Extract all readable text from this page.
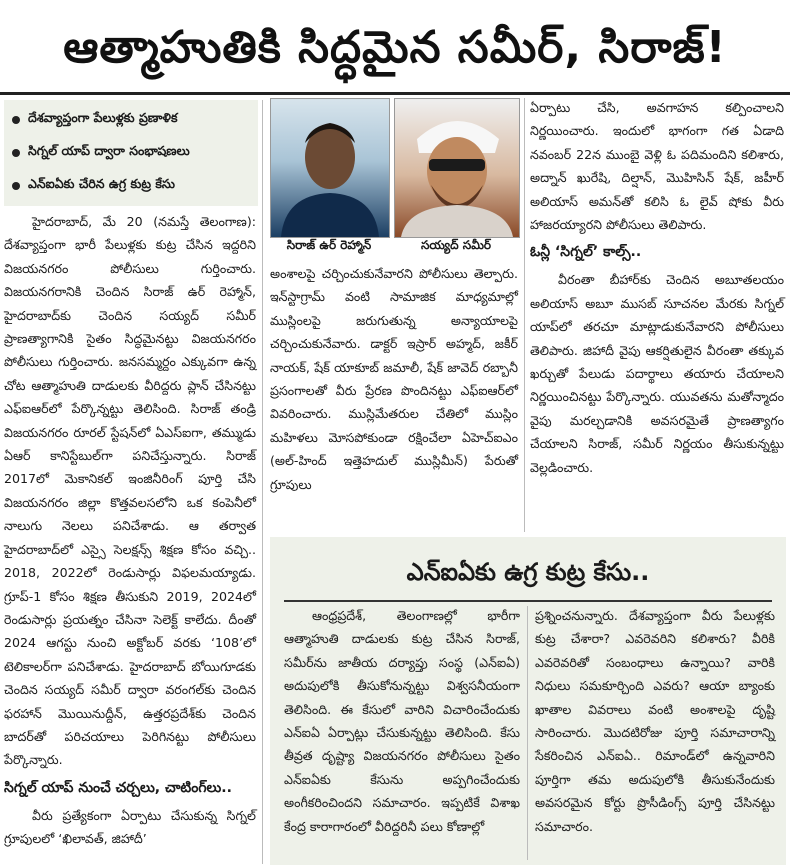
ఆత్మాహుతికి సిద్ధమైన సమీర్, సిరాజ్!
దేశవ్యాప్తంగా పేలుళ్లకు ప్రణాళిక
సిగ్నల్ యాప్ ద్వారా సంభాషణలు
ఎన్ఐఏకు చేరిన ఉగ్ర కుట్ర కేసు
సిరాజ్ ఉర్ రెహ్మాన్	సయ్యద్ సమీర్

హైదరాబాద్, మే 20 (నమస్తే తెలంగాణ): దేశవ్యాప్తంగా భారీ పేలుళ్లకు కుట్ర చేసిన ఇద్దరిని విజయనగరం పోలీసులు గుర్తించారు. విజయనగరానికి చెందిన సిరాజ్ ఉర్ రెహ్మాన్, హైదరాబాద్‌కు చెందిన సయ్యద్ సమీర్ ప్రాణత్యాగానికి సైతం సిద్ధమైనట్టు విజయనగరం పోలీసులు గుర్తించారు. జనసమ్మర్దం ఎక్కువగా ఉన్న చోట ఆత్మాహుతి దాడులకు వీరిద్దరు ప్లాన్ చేసినట్టు ఎఫ్ఐఆర్‌లో పేర్కొన్నట్టు తెలిసింది. సిరాజ్ తండ్రి విజయనగరం రూరల్ స్టేషన్‌లో ఏఎస్ఐగా, తమ్ముడు ఏఆర్ కానిస్టేబుల్‌గా పనిచేస్తున్నారు. సిరాజ్ 2017లో మెకానికల్ ఇంజినీరింగ్ పూర్తి చేసి విజయనగరం జిల్లా కొత్తవలసలోని ఒక కంపెనీలో నాలుగు నెలలు పనిచేశాడు. ఆ తర్వాత హైదరాబాద్‌లో ఎస్సై సెలక్షన్స్ శిక్షణ కోసం వచ్చి.. 2018, 2022లో రెండుసార్లు విఫలమయ్యాడు. గ్రూప్-1 కోసం శిక్షణ తీసుకుని 2019, 2024లో రెండుసార్లు ప్రయత్నం చేసినా సెలెక్ట్ కాలేదు. దీంతో 2024 ఆగస్టు నుంచి అక్టోబర్ వరకు ‘108’లో టెలికాలర్‌గా పనిచేశాడు. హైదరాబాద్ బోయిగూడకు చెందిన సయ్యద్ సమీర్ ద్వారా వరంగల్‌కు చెందిన ఫరహాన్ మొయినుద్దీన్, ఉత్తరప్రదేశ్‌కు చెందిన బాదర్‌తో పరిచయాలు పెరిగినట్టు పోలీసులు పేర్కొన్నారు.

సిగ్నల్ యాప్ నుంచే చర్చలు, చాటింగ్‌లు..

వీరు ప్రత్యేకంగా ఏర్పాటు చేసుకున్న సిగ్నల్ గ్రూపులలో ‘ఖిలావత్, జిహాదీ’

అంశాలపై చర్చించుకునేవారని పోలీసులు తెల్పారు. ఇన్‌స్టాగ్రామ్ వంటి సామాజిక మాధ్యమాల్లో ముస్లింలపై జరుగుతున్న అన్యాయాలపై చర్చించుకునేవారు. డాక్టర్ ఇస్రార్ అహ్మద్, జకీర్ నాయక్, షేక్ యాకూబ్ జమాలీ, షేక్ జావెద్ రబ్బానీ ప్రసంగాలతో వీరు ప్రేరణ పొందినట్టు ఎఫ్ఐఆర్‌లో వివరించారు. ముస్లిమేతరుల చేతిలో ముస్లిం మహిళలు మోసపోకుండా రక్షించేలా ఏహెచ్ఐఎం (అల్-హింద్ ఇత్తెహదుల్ ముస్లిమీన్) పేరుతో గ్రూపులు

ఏర్పాటు చేసి, అవగాహన కల్పించాలని నిర్ణయించారు. ఇందులో భాగంగా గత ఏడాది నవంబర్ 22న ముంబై వెళ్లి ఓ పదిమందిని కలిశారు, అద్నాన్ ఖురేషి, దిల్షాన్, మొహిసిన్ షేక్, జహీర్ అలియాస్ అమన్‌తో కలిసి ఓ లైవ్ షోకు వీరు హాజరయ్యారని పోలీసులు తెలిపారు.

ఓన్లీ ‘సిగ్నల్’ కాల్స్..

వీరంతా బీహార్‌కు చెందిన అబూతలయం అలియాస్ అబూ ముసబ్ సూచనల మేరకు సిగ్నల్ యాప్‌లో తరచూ మాట్లాడుకునేవారని పోలీసులు తెలిపారు. జిహాదీ వైపు ఆకర్షితులైన వీరంతా తక్కువ ఖర్చుతో పేలుడు పదార్థాలు తయారు చేయాలని నిర్ణయించినట్టు పేర్కొన్నారు. యువతను మతోన్మాదం వైపు మరల్చడానికి అవసరమైతే ప్రాణత్యాగం చేయాలని సిరాజ్, సమీర్ నిర్ణయం తీసుకున్నట్టు వెల్లడించారు.

ఎన్ఐఏకు ఉగ్ర కుట్ర కేసు..

ఆంధ్రప్రదేశ్, తెలంగాణల్లో భారీగా ఆత్మాహుతి దాడులకు కుట్ర చేసిన సిరాజ్, సమీర్‌ను జాతీయ దర్యాప్తు సంస్థ (ఎన్ఐఏ) అదుపులోకి తీసుకోనున్నట్టు విశ్వసనీయంగా తెలిసింది. ఈ కేసులో వారిని విచారించేందుకు ఎన్ఐఏ ఏర్పాట్లు చేసుకున్నట్టు తెలిసింది. కేసు తీవ్రత దృష్ట్యా విజయనగరం పోలీసులు సైతం ఎన్ఐఏకు కేసును అప్పగించేందుకు అంగీకరించిందని సమాచారం. ఇప్పటికే విశాఖ కేంద్ర కారాగారంలో వీరిద్దరినీ పలు కోణాల్లో

ప్రశ్నించనున్నారు. దేశవ్యాప్తంగా వీరు పేలుళ్లకు కుట్ర చేశారా? ఎవరెవరిని కలిశారు? వీరికి ఎవరెవరితో సంబంధాలు ఉన్నాయి? వారికి నిధులు సమకూర్చింది ఎవరు? ఆయా బ్యాంకు ఖాతాల వివరాలు వంటి అంశాలపై దృష్టి సారించారు. మొదటిరోజు పూర్తి సమాచారాన్ని సేకరించిన ఎన్ఐఏ.. రిమాండ్‌లో ఉన్నవారిని పూర్తిగా తమ అదుపులోకి తీసుకునేందుకు అవసరమైన కోర్టు ప్రొసీడింగ్స్ పూర్తి చేసినట్టు సమాచారం.
